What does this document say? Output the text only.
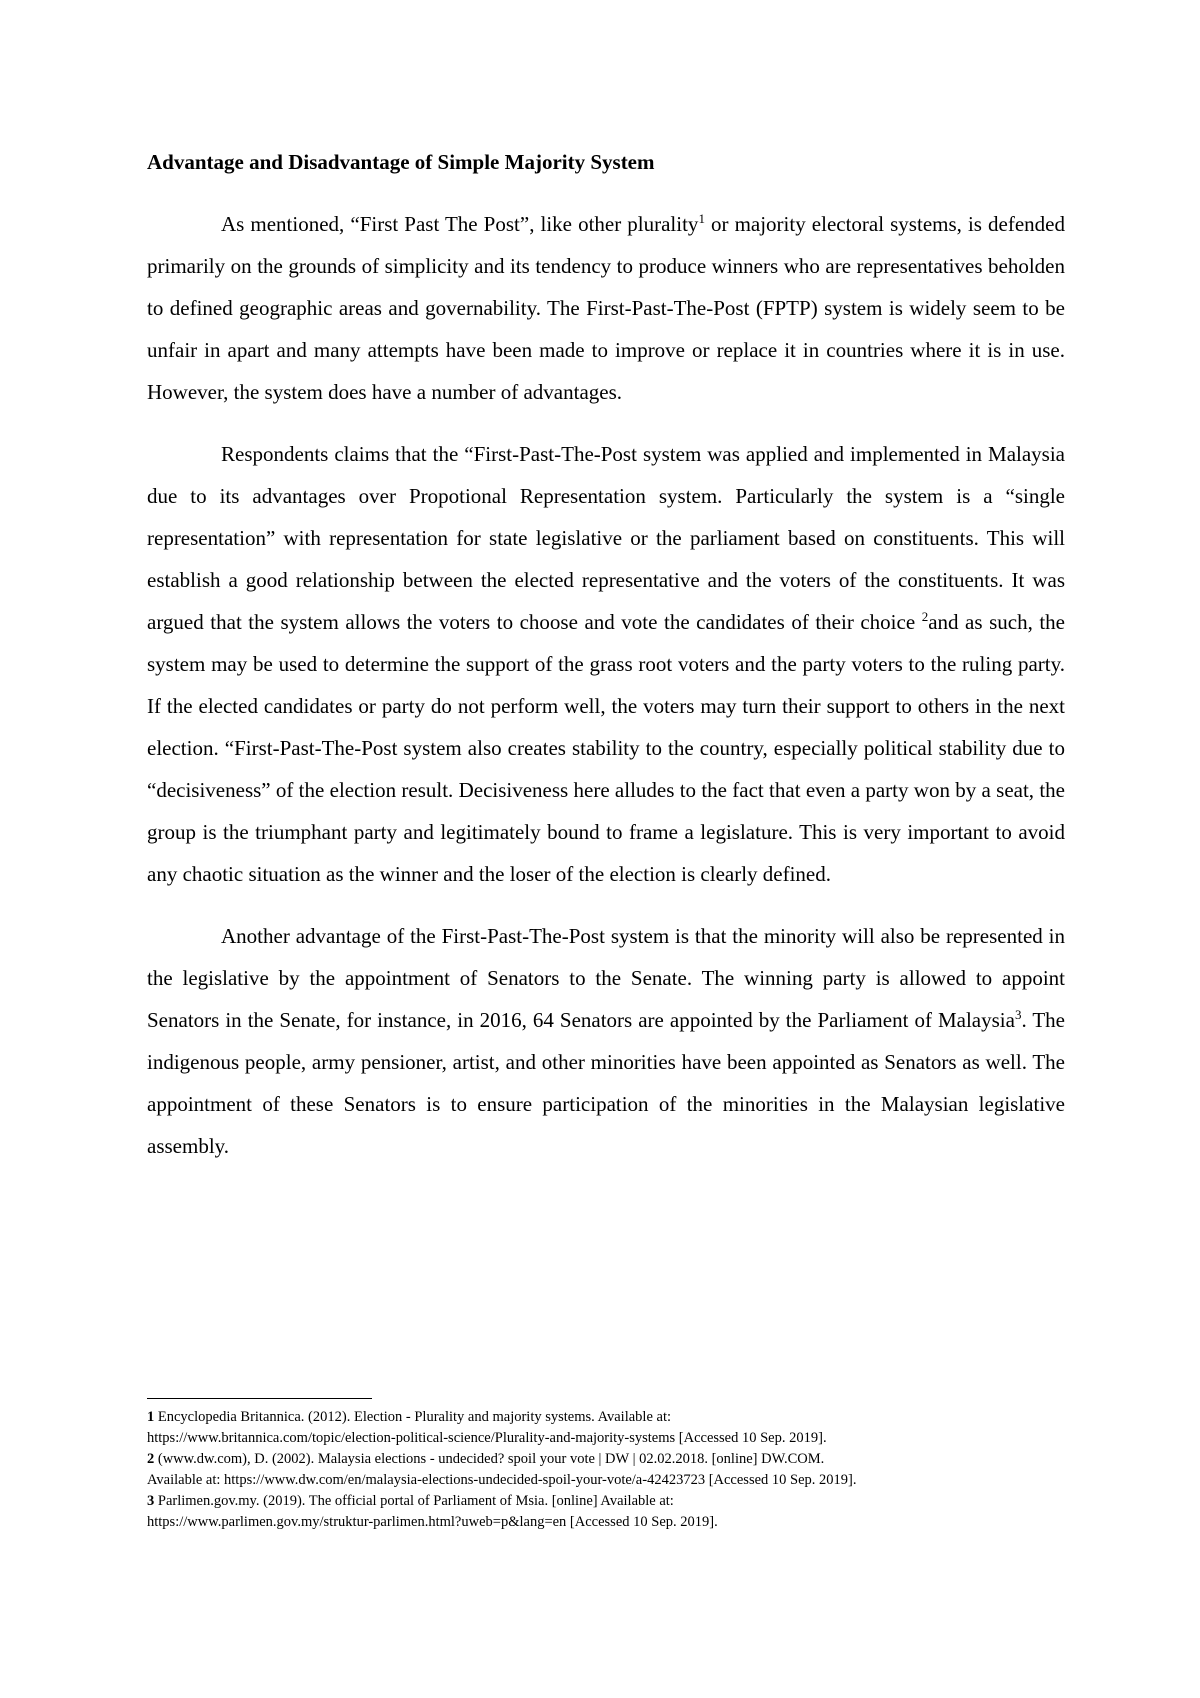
Advantage and Disadvantage of Simple Majority System

As mentioned, “First Past The Post”, like other plurality$^1$ or majority electoral systems, is defended primarily on the grounds of simplicity and its tendency to produce winners who are representatives beholden to defined geographic areas and governability. The First-Past-The-Post (FPTP) system is widely seem to be unfair in apart and many attempts have been made to improve or replace it in countries where it is in use. However, the system does have a number of advantages.

Respondents claims that the “First-Past-The-Post system was applied and implemented in Malaysia due to its advantages over Propotional Representation system. Particularly the system is a “single representation” with representation for state legislative or the parliament based on constituents. This will establish a good relationship between the elected representative and the voters of the constituents. It was argued that the system allows the voters to choose and vote the candidates of their choice $^2$and as such, the system may be used to determine the support of the grass root voters and the party voters to the ruling party. If the elected candidates or party do not perform well, the voters may turn their support to others in the next election. “First-Past-The-Post system also creates stability to the country, especially political stability due to “decisiveness” of the election result. Decisiveness here alludes to the fact that even a party won by a seat, the group is the triumphant party and legitimately bound to frame a legislature. This is very important to avoid any chaotic situation as the winner and the loser of the election is clearly defined.

Another advantage of the First-Past-The-Post system is that the minority will also be represented in the legislative by the appointment of Senators to the Senate. The winning party is allowed to appoint Senators in the Senate, for instance, in 2016, 64 Senators are appointed by the Parliament of Malaysia$^3$. The indigenous people, army pensioner, artist, and other minorities have been appointed as Senators as well. The appointment of these Senators is to ensure participation of the minorities in the Malaysian legislative assembly.

1 Encyclopedia Britannica. (2012). Election - Plurality and majority systems. Available at:
https://www.britannica.com/topic/election-political-science/Plurality-and-majority-systems [Accessed 10 Sep. 2019].

2 (www.dw.com), D. (2002). Malaysia elections - undecided? spoil your vote | DW | 02.02.2018. [online] DW.COM.
Available at: https://www.dw.com/en/malaysia-elections-undecided-spoil-your-vote/a-42423723 [Accessed 10 Sep. 2019].

3 Parlimen.gov.my. (2019). The official portal of Parliament of Msia. [online] Available at:
https://www.parlimen.gov.my/struktur-parlimen.html?uweb=p&lang=en [Accessed 10 Sep. 2019].
